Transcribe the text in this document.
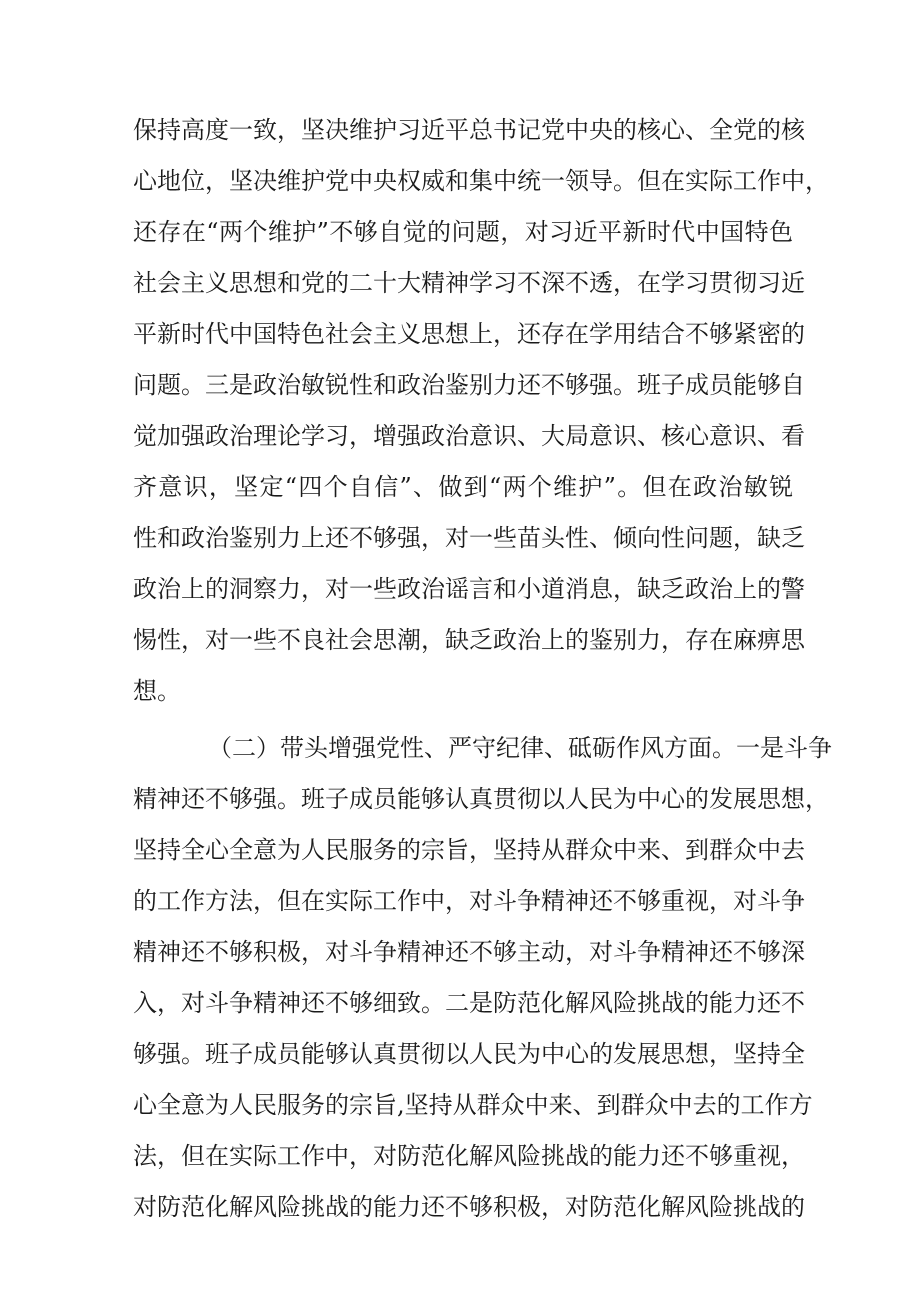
保持高度一致，坚决维护习近平总书记党中央的核心、全党的核
心地位，坚决维护党中央权威和集中统一领导。但在实际工作中，
还存在“两个维护”不够自觉的问题，对习近平新时代中国特色
社会主义思想和党的二十大精神学习不深不透，在学习贯彻习近
平新时代中国特色社会主义思想上，还存在学用结合不够紧密的
问题。三是政治敏锐性和政治鉴别力还不够强。班子成员能够自
觉加强政治理论学习，增强政治意识、大局意识、核心意识、看
齐意识，坚定“四个自信”、做到“两个维护”。但在政治敏锐
性和政治鉴别力上还不够强，对一些苗头性、倾向性问题，缺乏
政治上的洞察力，对一些政治谣言和小道消息，缺乏政治上的警
惕性，对一些不良社会思潮，缺乏政治上的鉴别力，存在麻痹思
想。
（二）带头增强党性、严守纪律、砥砺作风方面。一是斗争
精神还不够强。班子成员能够认真贯彻以人民为中心的发展思想，
坚持全心全意为人民服务的宗旨，坚持从群众中来、到群众中去
的工作方法，但在实际工作中，对斗争精神还不够重视，对斗争
精神还不够积极，对斗争精神还不够主动，对斗争精神还不够深
入，对斗争精神还不够细致。二是防范化解风险挑战的能力还不
够强。班子成员能够认真贯彻以人民为中心的发展思想，坚持全
心全意为人民服务的宗旨,坚持从群众中来、到群众中去的工作方
法，但在实际工作中，对防范化解风险挑战的能力还不够重视，
对防范化解风险挑战的能力还不够积极，对防范化解风险挑战的
